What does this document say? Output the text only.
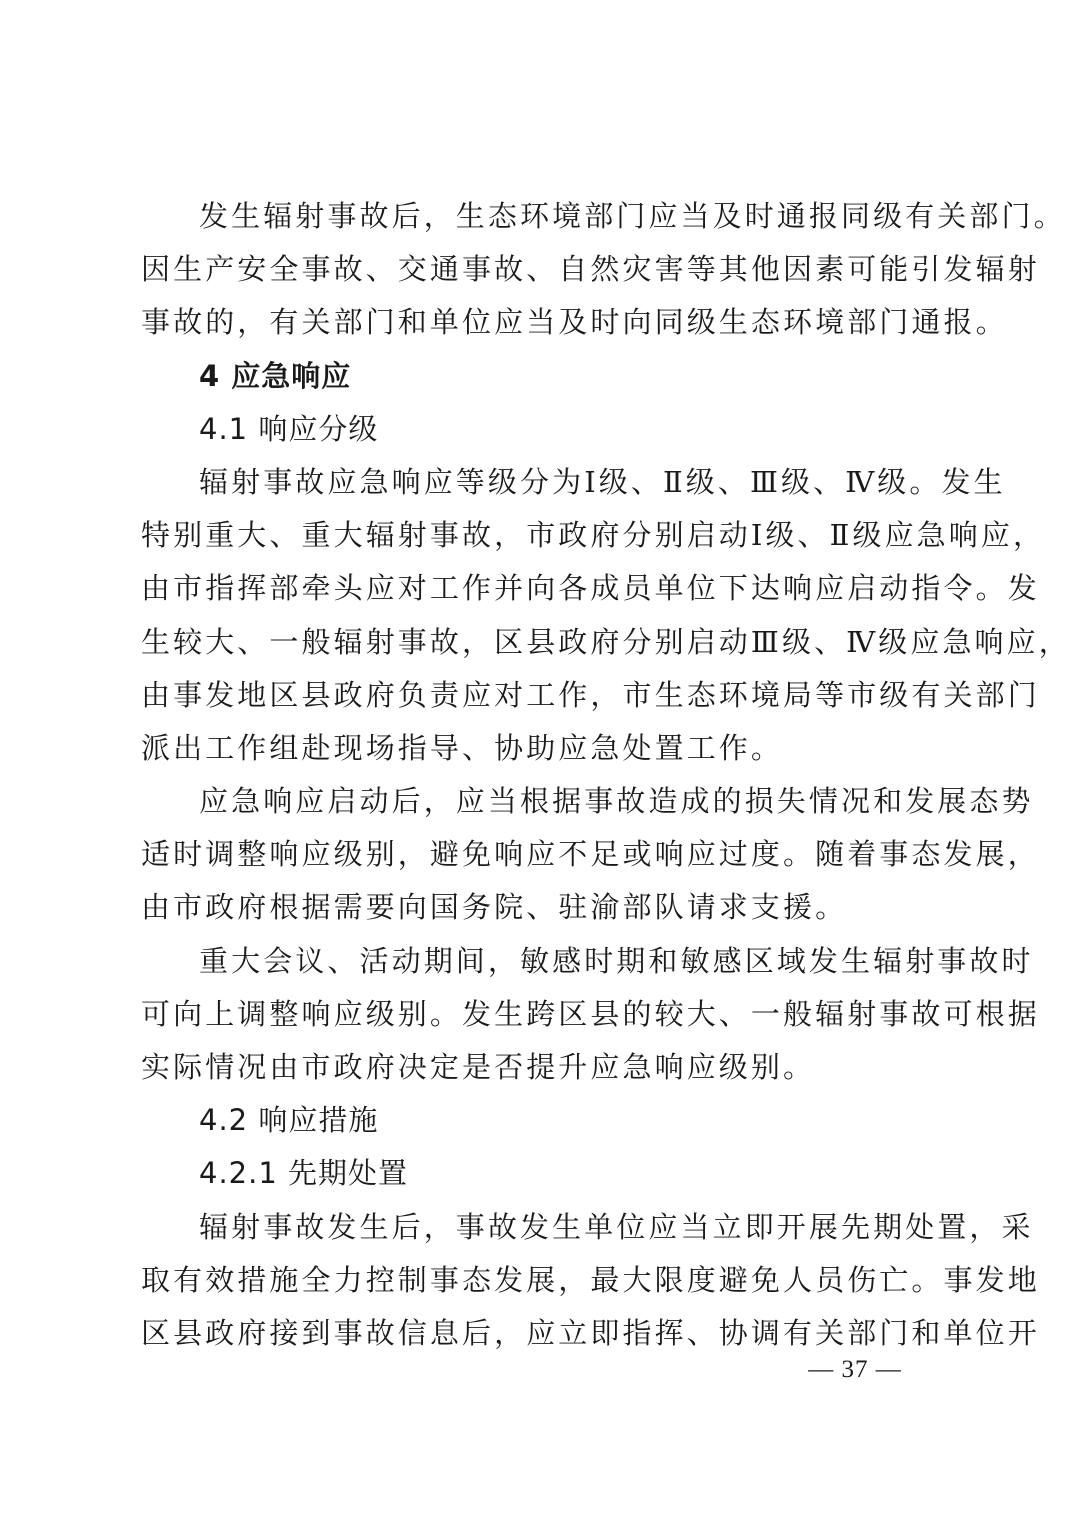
发生辐射事故后，生态环境部门应当及时通报同级有关部门。
因生产安全事故、交通事故、自然灾害等其他因素可能引发辐射
事故的，有关部门和单位应当及时向同级生态环境部门通报。
4 应急响应
4.1 响应分级
辐射事故应急响应等级分为Ⅰ级、Ⅱ级、Ⅲ级、Ⅳ级。发生
特别重大、重大辐射事故，市政府分别启动Ⅰ级、Ⅱ级应急响应，
由市指挥部牵头应对工作并向各成员单位下达响应启动指令。发
生较大、一般辐射事故，区县政府分别启动Ⅲ级、Ⅳ级应急响应，
由事发地区县政府负责应对工作，市生态环境局等市级有关部门
派出工作组赴现场指导、协助应急处置工作。
应急响应启动后，应当根据事故造成的损失情况和发展态势
适时调整响应级别，避免响应不足或响应过度。随着事态发展，
由市政府根据需要向国务院、驻渝部队请求支援。
重大会议、活动期间，敏感时期和敏感区域发生辐射事故时
可向上调整响应级别。发生跨区县的较大、一般辐射事故可根据
实际情况由市政府决定是否提升应急响应级别。
4.2 响应措施
4.2.1 先期处置
辐射事故发生后，事故发生单位应当立即开展先期处置，采
取有效措施全力控制事态发展，最大限度避免人员伤亡。事发地
区县政府接到事故信息后，应立即指挥、协调有关部门和单位开
— 37 —
